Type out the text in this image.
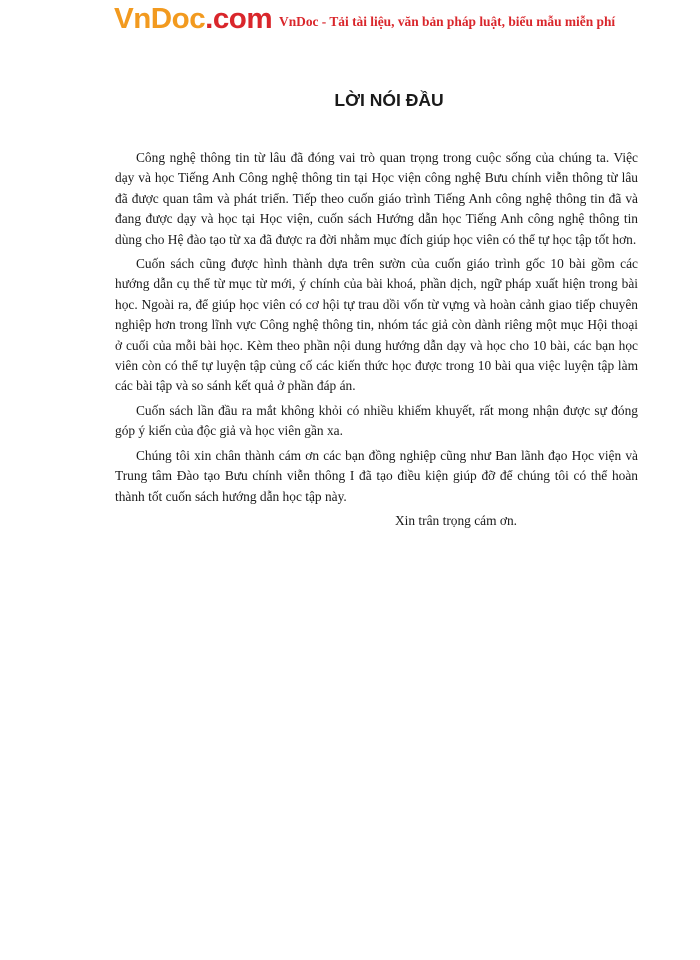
VnDoc.com VnDoc - Tải tài liệu, văn bản pháp luật, biểu mẫu miễn phí
LỜI NÓI ĐẦU

Công nghệ thông tin từ lâu đã đóng vai trò quan trọng trong cuộc sống của chúng ta. Việc dạy và học Tiếng Anh Công nghệ thông tin tại Học viện công nghệ Bưu chính viễn thông từ lâu đã được quan tâm và phát triển. Tiếp theo cuốn giáo trình Tiếng Anh công nghệ thông tin đã và đang được dạy và học tại Học viện, cuốn sách Hướng dẫn học Tiếng Anh công nghệ thông tin dùng cho Hệ đào tạo từ xa đã được ra đời nhằm mục đích giúp học viên có thể tự học tập tốt hơn.

Cuốn sách cũng được hình thành dựa trên sườn của cuốn giáo trình gốc 10 bài gồm các hướng dẫn cụ thể từ mục từ mới, ý chính của bài khoá, phần dịch, ngữ pháp xuất hiện trong bài học. Ngoài ra, để giúp học viên có cơ hội tự trau dồi vốn từ vựng và hoàn cảnh giao tiếp chuyên nghiệp hơn trong lĩnh vực Công nghệ thông tin, nhóm tác giả còn dành riêng một mục Hội thoại ở cuối của mỗi bài học. Kèm theo phần nội dung hướng dẫn dạy và học cho 10 bài, các bạn học viên còn có thể tự luyện tập củng cố các kiến thức học được trong 10 bài qua việc luyện tập làm các bài tập và so sánh kết quả ở phần đáp án.

Cuốn sách lần đầu ra mắt không khỏi có nhiều khiếm khuyết, rất mong nhận được sự đóng góp ý kiến của độc giả và học viên gần xa.

Chúng tôi xin chân thành cám ơn các bạn đồng nghiệp cũng như Ban lãnh đạo Học viện và Trung tâm Đào tạo Bưu chính viễn thông I đã tạo điều kiện giúp đỡ để chúng tôi có thể hoàn thành tốt cuốn sách hướng dẫn học tập này.

Xin trân trọng cám ơn.
